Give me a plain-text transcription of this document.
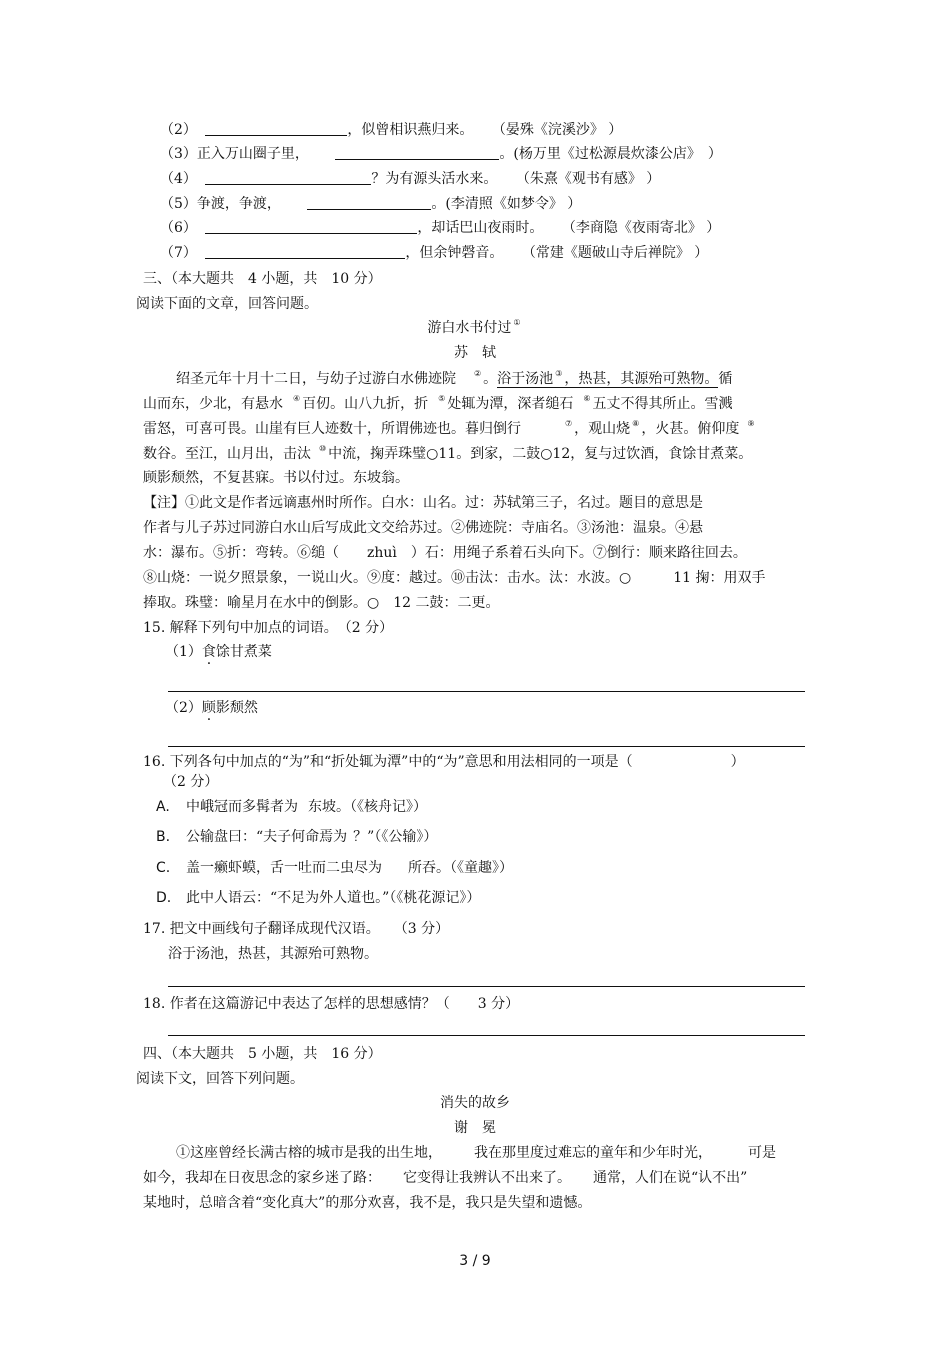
（2）	，似曾相识燕归来。 （晏殊《浣溪沙》 ）
（3）正入万山圈子里，	。(杨万里《过松源晨炊漆公店》　）
（4）	？为有源头活水来。 （朱熹《观书有感》 ）
（5）争渡，争渡，	。(李清照《如梦令》 ）
（6）	，却话巴山夜雨时。 （李商隐《夜雨寄北》 ）
（7）	，但余钟磬音。 （常建《题破山寺后禅院》 ）
三、（本大题共　4 小题，共　10 分）
阅读下面的文章，回答问题。
游白水书付过 ①
苏　轼
绍圣元年十月十二日，与幼子过游白水佛迹院 ② 。浴于汤池 ③ ，热甚，其源殆可熟物。循
山而东，少北，有悬水 ④ 百仞。山八九折，折 ⑤ 处辄为潭，深者缒石 ⑥ 五丈不得其所止。雪溅
雷怒，可喜可畏。山崖有巨人迹数十，所谓佛迹也。暮归倒行	⑦ ，观山烧 ⑧ ，火甚。俯仰度 ⑨
数谷。至江，山月出，击汰 ⑩ 中流，掬弄珠璧○11。到家，二鼓○12，复与过饮酒，食馀甘煮菜。
顾影颓然，不复甚寐。书以付过。东坡翁。
【注】①此文是作者远谪惠州时所作。白水：山名。过：苏轼第三子，名过。题目的意思是
作者与儿子苏过同游白水山后写成此文交给苏过。②佛迹院：寺庙名。③汤池：温泉。④悬
水：瀑布。⑤折：弯转。⑥缒（　　zhuì　）石：用绳子系着石头向下。⑦倒行：顺来路往回去。
⑧山烧：一说夕照景象，一说山火。⑨度：越过。⑩击汰：击水。汰：水波。○　　　11 掬：用双手
捧取。珠璧：喻星月在水中的倒影。○　12 二鼓：二更。
15. 解释下列句中加点的词语。　（2 分）
（1）食馀甘煮菜
（2）顾影颓然
16. 下列各句中加点的“为”和“折处辄为潭”中的“为”意思和用法相同的一项是（　　　　　　　）
（2 分）
A. 中峨冠而多髯者为 东坡。（《核舟记》）
B. 公输盘曰：“夫子何命焉为 ？”（《公输》）
C. 盖一癞虾蟆，舌一吐而二虫尽为 所吞。（《童趣》）
D. 此中人语云：“不足为外人道也。”（《桃花源记》）
17. 把文中画线句子翻译成现代汉语。　　（3 分）
浴于汤池，热甚，其源殆可熟物。
18. 作者在这篇游记中表达了怎样的思想感情？（　　3 分）
四、（本大题共　5 小题，共　16 分）
阅读下文，回答下列问题。
消失的故乡
谢　冕
①这座曾经长满古榕的城市是我的出生地， 我在那里度过难忘的童年和少年时光，	可是
如今，我却在日夜思念的家乡迷了路： 它变得让我辨认不出来了。 通常，人们在说“认不出”
某地时，总暗含着“变化真大”的那分欢喜，我不是，我只是失望和遗憾。
3 / 9
